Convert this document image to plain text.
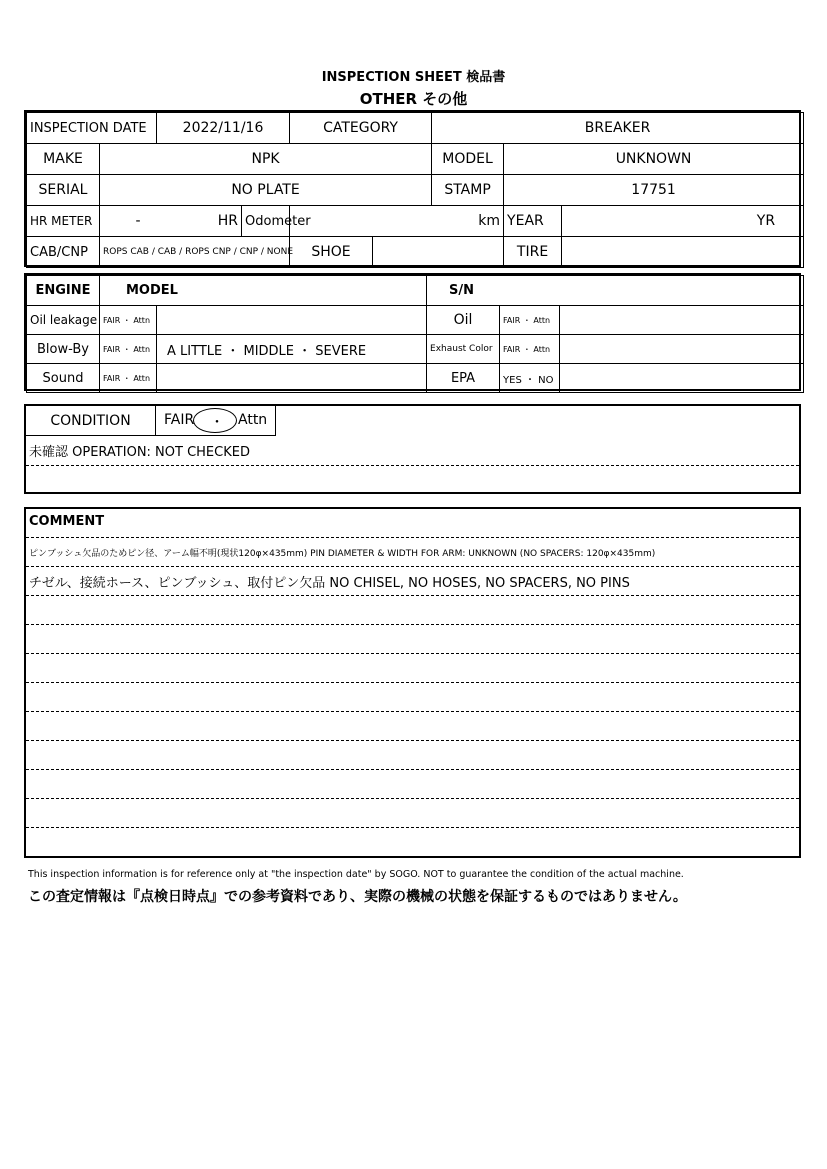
INSPECTION SHEET 検品書
OTHER その他
INSPECTION DATE		2022/11/16		CATEGORY		BREAKER		
MAKE	NPK					MODEL	UNKNOWN	
SERIAL	NO PLATE					STAMP	17751	
HR METER	- HR		Odometer	km			YEAR	YR
CAB/CNP	ROPS CAB / CAB / ROPS CNP / CNP / NONE			SHOE			TIRE	
ENGINE	MODEL		S/N		
Oil leakage	FAIR ・ Attn		Oil	FAIR ・ Attn	
Blow-By	FAIR ・ Attn	A LITTLE ・ MIDDLE ・ SEVERE	Exhaust Color	FAIR ・ Attn	
Sound	FAIR ・ Attn		EPA	YES ・ NO	
CONDITION	FAIR ・ Attn
未確認 OPERATION: NOT CHECKED
COMMENT
ピンブッシュ欠品のためピン径、アーム幅不明(現状120φ×435mm) PIN DIAMETER & WIDTH FOR ARM: UNKNOWN (NO SPACERS: 120φ×435mm)
チゼル、接続ホース、ピンブッシュ、取付ピン欠品 NO CHISEL, NO HOSES, NO SPACERS, NO PINS
This inspection information is for reference only at "the inspection date" by SOGO. NOT to guarantee the condition of the actual machine.
この査定情報は『点検日時点』での参考資料であり、実際の機械の状態を保証するものではありません。
